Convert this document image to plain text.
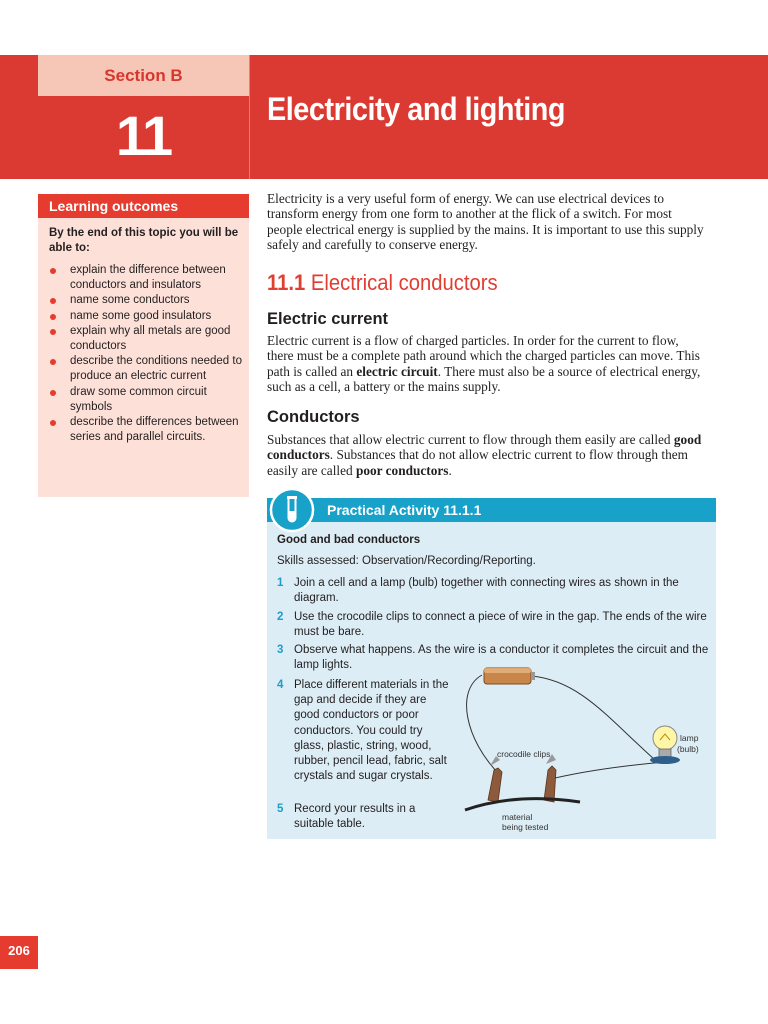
Section B
11	Electricity and lighting
Learning outcomes
By the end of this topic you will be able to:
explain the difference between conductors and insulators
name some conductors
name some good insulators
explain why all metals are good conductors
describe the conditions needed to produce an electric current
draw some common circuit symbols
describe the differences between series and parallel circuits.
Electricity is a very useful form of energy. We can use electrical devices to transform energy from one form to another at the flick of a switch. For most people electrical energy is supplied by the mains. It is important to use this supply safely and carefully to conserve energy.
11.1 Electrical conductors
Electric current
Electric current is a flow of charged particles. In order for the current to flow, there must be a complete path around which the charged particles can move. This path is called an electric circuit. There must also be a source of electrical energy, such as a cell, a battery or the mains supply.
Conductors
Substances that allow electric current to flow through them easily are called good conductors. Substances that do not allow electric current to flow through them easily are called poor conductors.
Practical Activity 11.1.1
Good and bad conductors
Skills assessed: Observation/Recording/Reporting.
1 Join a cell and a lamp (bulb) together with connecting wires as shown in the diagram.
2 Use the crocodile clips to connect a piece of wire in the gap. The ends of the wire must be bare.
3 Observe what happens. As the wire is a conductor it completes the circuit and the lamp lights.
4 Place different materials in the gap and decide if they are good conductors or poor conductors. You could try glass, plastic, string, wood, rubber, pencil lead, fabric, salt crystals and sugar crystals.
5 Record your results in a suitable table.
lamp
(bulb)
crocodile clips
material
being tested
206
